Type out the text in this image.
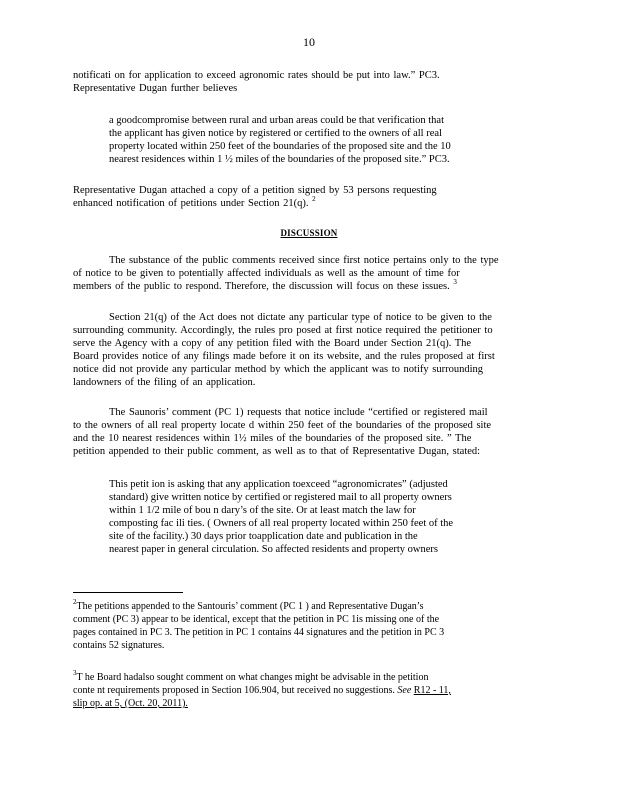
10
notificati on for application to exceed agronomic rates should be put into law.” PC3.
Representative Dugan further believes
a goodcompromise between rural and urban areas could be that verification that
the applicant has given notice by registered or certified to the owners of all real
property located within 250 feet of the boundaries of the proposed site and the 10
nearest residences within 1 ½ miles of the boundaries of the proposed site.” PC3.
Representative Dugan attached a copy of a petition signed by 53 persons requesting
enhanced notification of petitions under Section 21(q). $^2$
DISCUSSION
The substance of the public comments received since first notice pertains only to the type
of notice to be given to potentially affected individuals as well as the amount of time for
members of the public to respond. Therefore, the discussion will focus on these issues. $^3$
Section 21(q) of the Act does not dictate any particular type of notice to be given to the
surrounding community. Accordingly, the rules pro posed at first notice required the petitioner to
serve the Agency with a copy of any petition filed with the Board under Section 21(q). The
Board provides notice of any filings made before it on its website, and the rules proposed at first
notice did not provide any particular method by which the applicant was to notify surrounding
landowners of the filing of an application.
The Saunoris’ comment (PC 1) requests that notice include “certified or registered mail
to the owners of all real property locate d within 250 feet of the boundaries of the proposed site
and the 10 nearest residences within 1½ miles of the boundaries of the proposed site. ” The
petition appended to their public comment, as well as to that of Representative Dugan, stated:
This petit ion is asking that any application toexceed “agronomicrates” (adjusted
standard) give written notice by certified or registered mail to all property owners
within 1 1/2 mile of bou n dary’s of the site. Or at least match the law for
composting fac ili ties. ( Owners of all real property located within 250 feet of the
site of the facility.) 30 days prior toapplication date and publication in the
nearest paper in general circulation. So affected residents and property owners
$^2$The petitions appended to the Santouris’ comment (PC 1 ) and Representative Dugan’s
comment (PC 3) appear to be identical, except that the petition in PC 1is missing one of the
pages contained in PC 3. The petition in PC 1 contains 44 signatures and the petition in PC 3
contains 52 signatures.
$^3$T he Board hadalso sought comment on what changes might be advisable in the petition
conte nt requirements proposed in Section 106.904, but received no suggestions. See R12 - 11,
slip op. at 5, (Oct. 20, 2011).
